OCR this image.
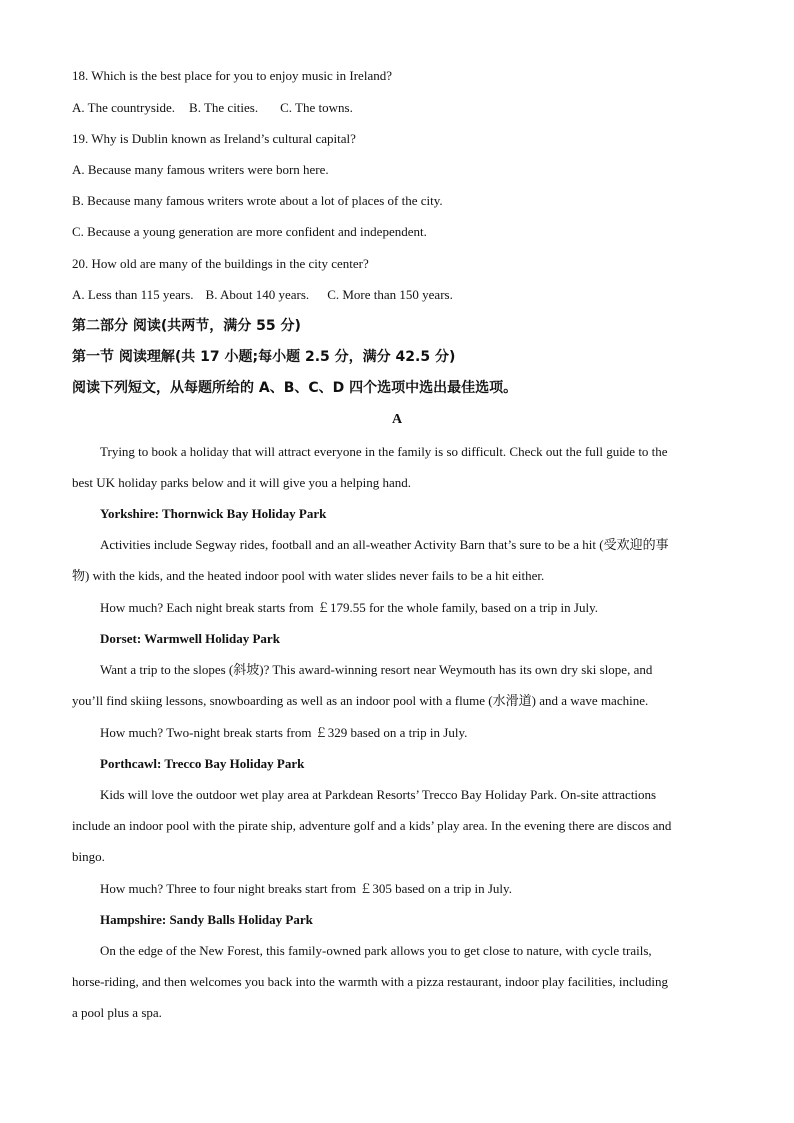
18. Which is the best place for you to enjoy music in Ireland?
A. The countryside. B. The cities. C. The towns.
19. Why is Dublin known as Ireland’s cultural capital?
A. Because many famous writers were born here.
B. Because many famous writers wrote about a lot of places of the city.
C. Because a young generation are more confident and independent.
20. How old are many of the buildings in the city center?
A. Less than 115 years. B. About 140 years. C. More than 150 years.
第二部分 阅读(共两节，满分 55 分)
第一节 阅读理解(共 17 小题;每小题 2.5 分，满分 42.5 分)
阅读下列短文，从每题所给的 A、B、C、D 四个选项中选出最佳选项。
A
Trying to book a holiday that will attract everyone in the family is so difficult. Check out the full guide to the
best UK holiday parks below and it will give you a helping hand.
Yorkshire: Thornwick Bay Holiday Park
Activities include Segway rides, football and an all-weather Activity Barn that’s sure to be a hit (受欢迎的事
物) with the kids, and the heated indoor pool with water slides never fails to be a hit either.
How much? Each night break starts from ￡179.55 for the whole family, based on a trip in July.
Dorset: Warmwell Holiday Park
Want a trip to the slopes (斜坡)? This award-winning resort near Weymouth has its own dry ski slope, and
you’ll find skiing lessons, snowboarding as well as an indoor pool with a flume (水滑道) and a wave machine.
How much? Two-night break starts from ￡329 based on a trip in July.
Porthcawl: Trecco Bay Holiday Park
Kids will love the outdoor wet play area at Parkdean Resorts’ Trecco Bay Holiday Park. On-site attractions
include an indoor pool with the pirate ship, adventure golf and a kids’ play area. In the evening there are discos and
bingo.
How much? Three to four night breaks start from ￡305 based on a trip in July.
Hampshire: Sandy Balls Holiday Park
On the edge of the New Forest, this family-owned park allows you to get close to nature, with cycle trails,
horse-riding, and then welcomes you back into the warmth with a pizza restaurant, indoor play facilities, including
a pool plus a spa.
